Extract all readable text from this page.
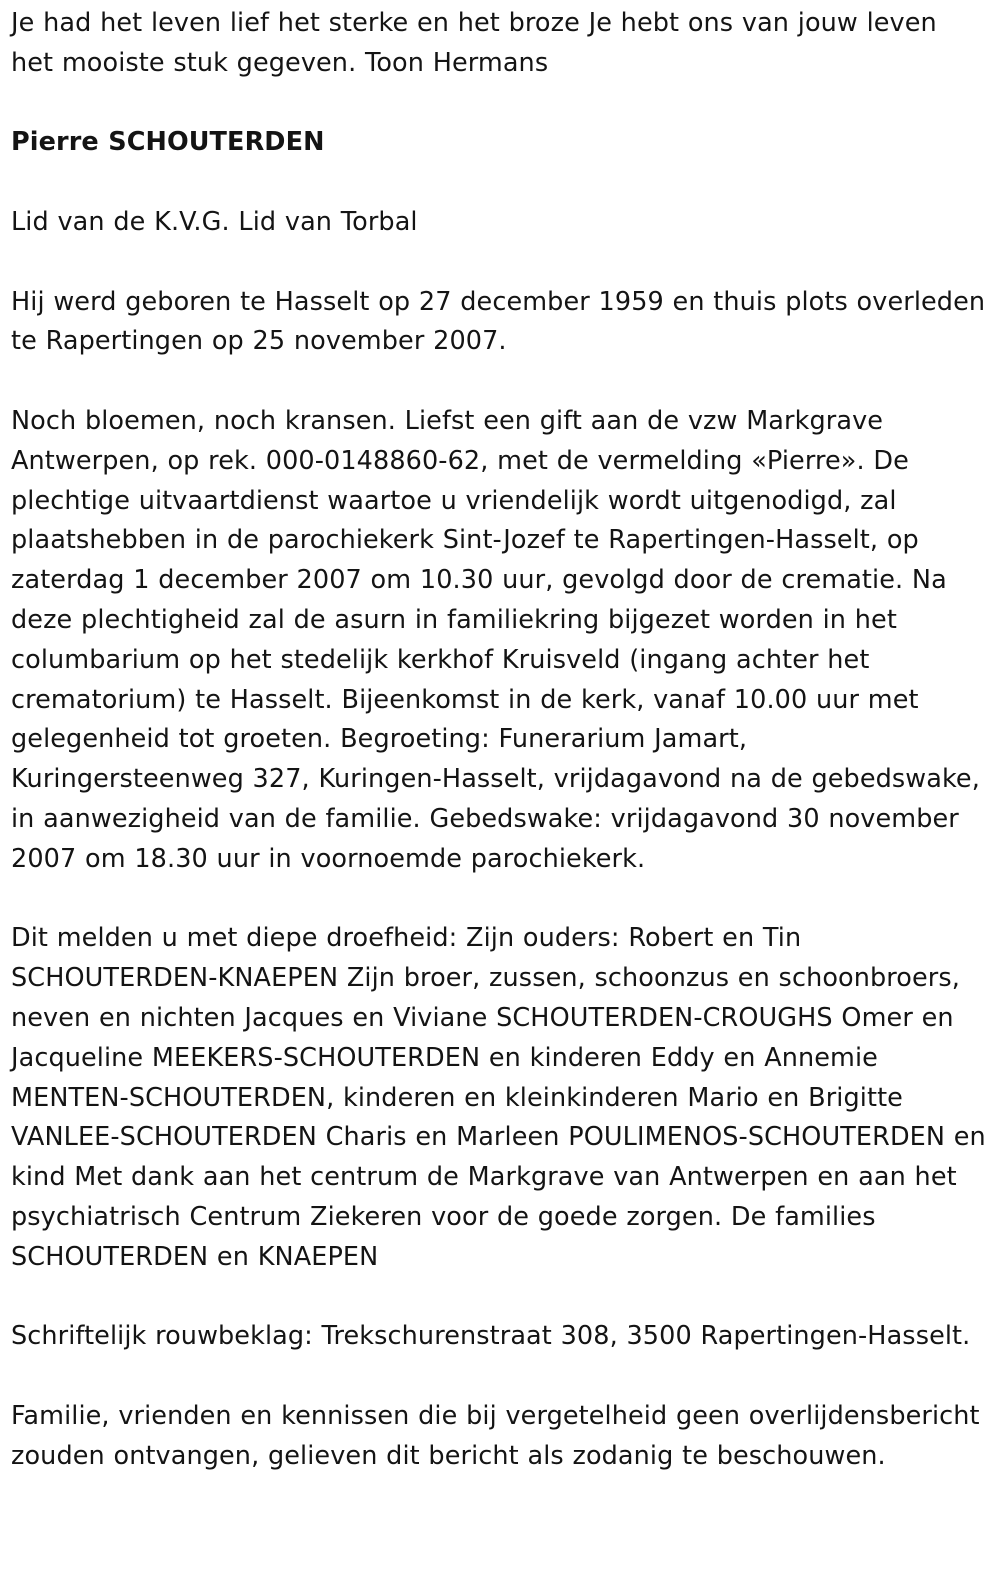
Je had het leven lief het sterke en het broze Je hebt ons van jouw leven het mooiste stuk gegeven. Toon Hermans

Pierre SCHOUTERDEN

Lid van de K.V.G. Lid van Torbal

Hij werd geboren te Hasselt op 27 december 1959 en thuis plots overleden te Rapertingen op 25 november 2007.

Noch bloemen, noch kransen. Liefst een gift aan de vzw Markgrave Antwerpen, op rek. 000-0148860-62, met de vermelding «Pierre». De plechtige uitvaartdienst waartoe u vriendelijk wordt uitgenodigd, zal plaatshebben in de parochiekerk Sint-Jozef te Rapertingen-Hasselt, op zaterdag 1 december 2007 om 10.30 uur, gevolgd door de crematie. Na deze plechtigheid zal de asurn in familiekring bijgezet worden in het columbarium op het stedelijk kerkhof Kruisveld (ingang achter het crematorium) te Hasselt. Bijeenkomst in de kerk, vanaf 10.00 uur met gelegenheid tot groeten. Begroeting: Funerarium Jamart, Kuringersteenweg 327, Kuringen-Hasselt, vrijdagavond na de gebedswake, in aanwezigheid van de familie. Gebedswake: vrijdagavond 30 november 2007 om 18.30 uur in voornoemde parochiekerk.

Dit melden u met diepe droefheid: Zijn ouders: Robert en Tin SCHOUTERDEN-KNAEPEN Zijn broer, zussen, schoonzus en schoonbroers, neven en nichten Jacques en Viviane SCHOUTERDEN-CROUGHS Omer en Jacqueline MEEKERS-SCHOUTERDEN en kinderen Eddy en Annemie MENTEN-SCHOUTERDEN, kinderen en kleinkinderen Mario en Brigitte VANLEE-SCHOUTERDEN Charis en Marleen POULIMENOS-SCHOUTERDEN en kind Met dank aan het centrum de Markgrave van Antwerpen en aan het psychiatrisch Centrum Ziekeren voor de goede zorgen. De families SCHOUTERDEN en KNAEPEN

Schriftelijk rouwbeklag: Trekschurenstraat 308, 3500 Rapertingen-Hasselt.

Familie, vrienden en kennissen die bij vergetelheid geen overlijdensbericht zouden ontvangen, gelieven dit bericht als zodanig te beschouwen.
